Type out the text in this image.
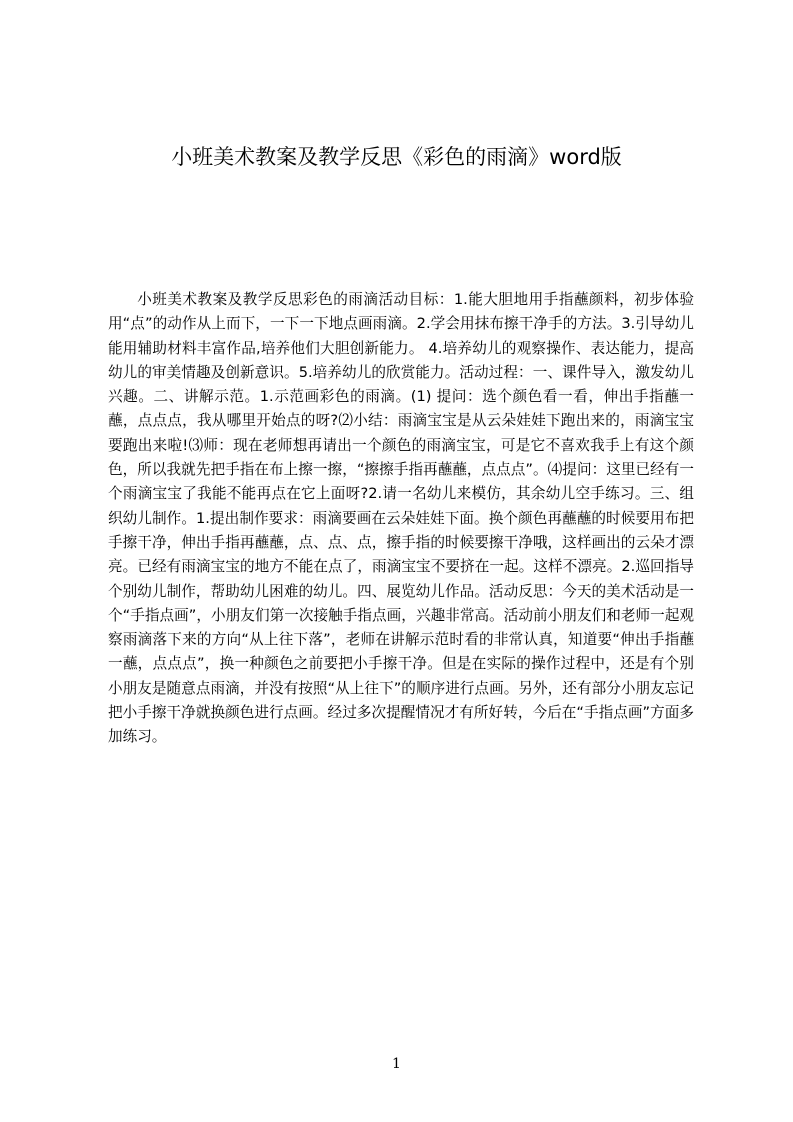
小班美术教案及教学反思《彩色的雨滴》word版

小班美术教案及教学反思彩色的雨滴活动目标：1.能大胆地用手指蘸颜料，初步体验用“点”的动作从上而下，一下一下地点画雨滴。2.学会用抹布擦干净手的方法。3.引导幼儿能用辅助材料丰富作品,培养他们大胆创新能力。 4.培养幼儿的观察操作、表达能力，提高幼儿的审美情趣及创新意识。5.培养幼儿的欣赏能力。活动过程：一、课件导入，激发幼儿兴趣。二、讲解示范。1.示范画彩色的雨滴。(1) 提问：选个颜色看一看，伸出手指蘸一蘸，点点点，我从哪里开始点的呀?⑵小结：雨滴宝宝是从云朵娃娃下跑出来的，雨滴宝宝要跑出来啦!⑶师：现在老师想再请出一个颜色的雨滴宝宝，可是它不喜欢我手上有这个颜色，所以我就先把手指在布上擦一擦，“擦擦手指再蘸蘸，点点点”。⑷提问：这里已经有一个雨滴宝宝了我能不能再点在它上面呀?2.请一名幼儿来模仿，其余幼儿空手练习。三、组织幼儿制作。1.提出制作要求：雨滴要画在云朵娃娃下面。换个颜色再蘸蘸的时候要用布把手擦干净，伸出手指再蘸蘸，点、点、点，擦手指的时候要擦干净哦，这样画出的云朵才漂亮。已经有雨滴宝宝的地方不能在点了，雨滴宝宝不要挤在一起。这样不漂亮。2.巡回指导个别幼儿制作，帮助幼儿困难的幼儿。四、展览幼儿作品。活动反思：今天的美术活动是一个“手指点画”，小朋友们第一次接触手指点画，兴趣非常高。活动前小朋友们和老师一起观察雨滴落下来的方向“从上往下落”，老师在讲解示范时看的非常认真，知道要“伸出手指蘸一蘸，点点点”，换一种颜色之前要把小手擦干净。但是在实际的操作过程中，还是有个别小朋友是随意点雨滴，并没有按照“从上往下”的顺序进行点画。另外，还有部分小朋友忘记把小手擦干净就换颜色进行点画。经过多次提醒情况才有所好转，今后在“手指点画”方面多加练习。

1
